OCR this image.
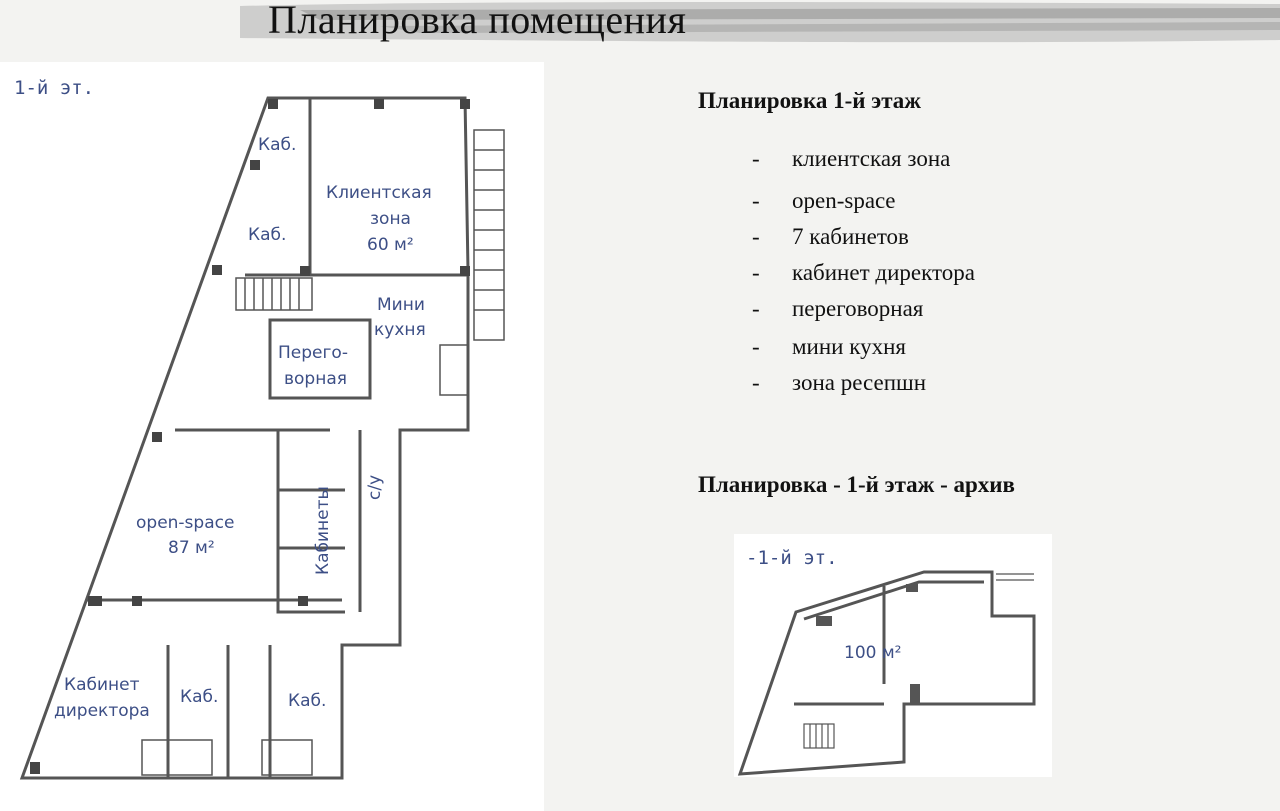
Планировка помещения
1-й эт.
Каб.
Каб.
Клиентская
зона
60 м²
Мини
кухня
Перего-
ворная
Кабинеты с/у
open-space
87 м²
Кабинет
директора
Каб.	Каб.
Планировка 1-й этаж
- клиентская зона
- open-space
- 7 кабинетов
- кабинет директора
- переговорная
- мини кухня
- зона ресепшн
Планировка - 1-й этаж - архив
-1-й эт.
100 м²
